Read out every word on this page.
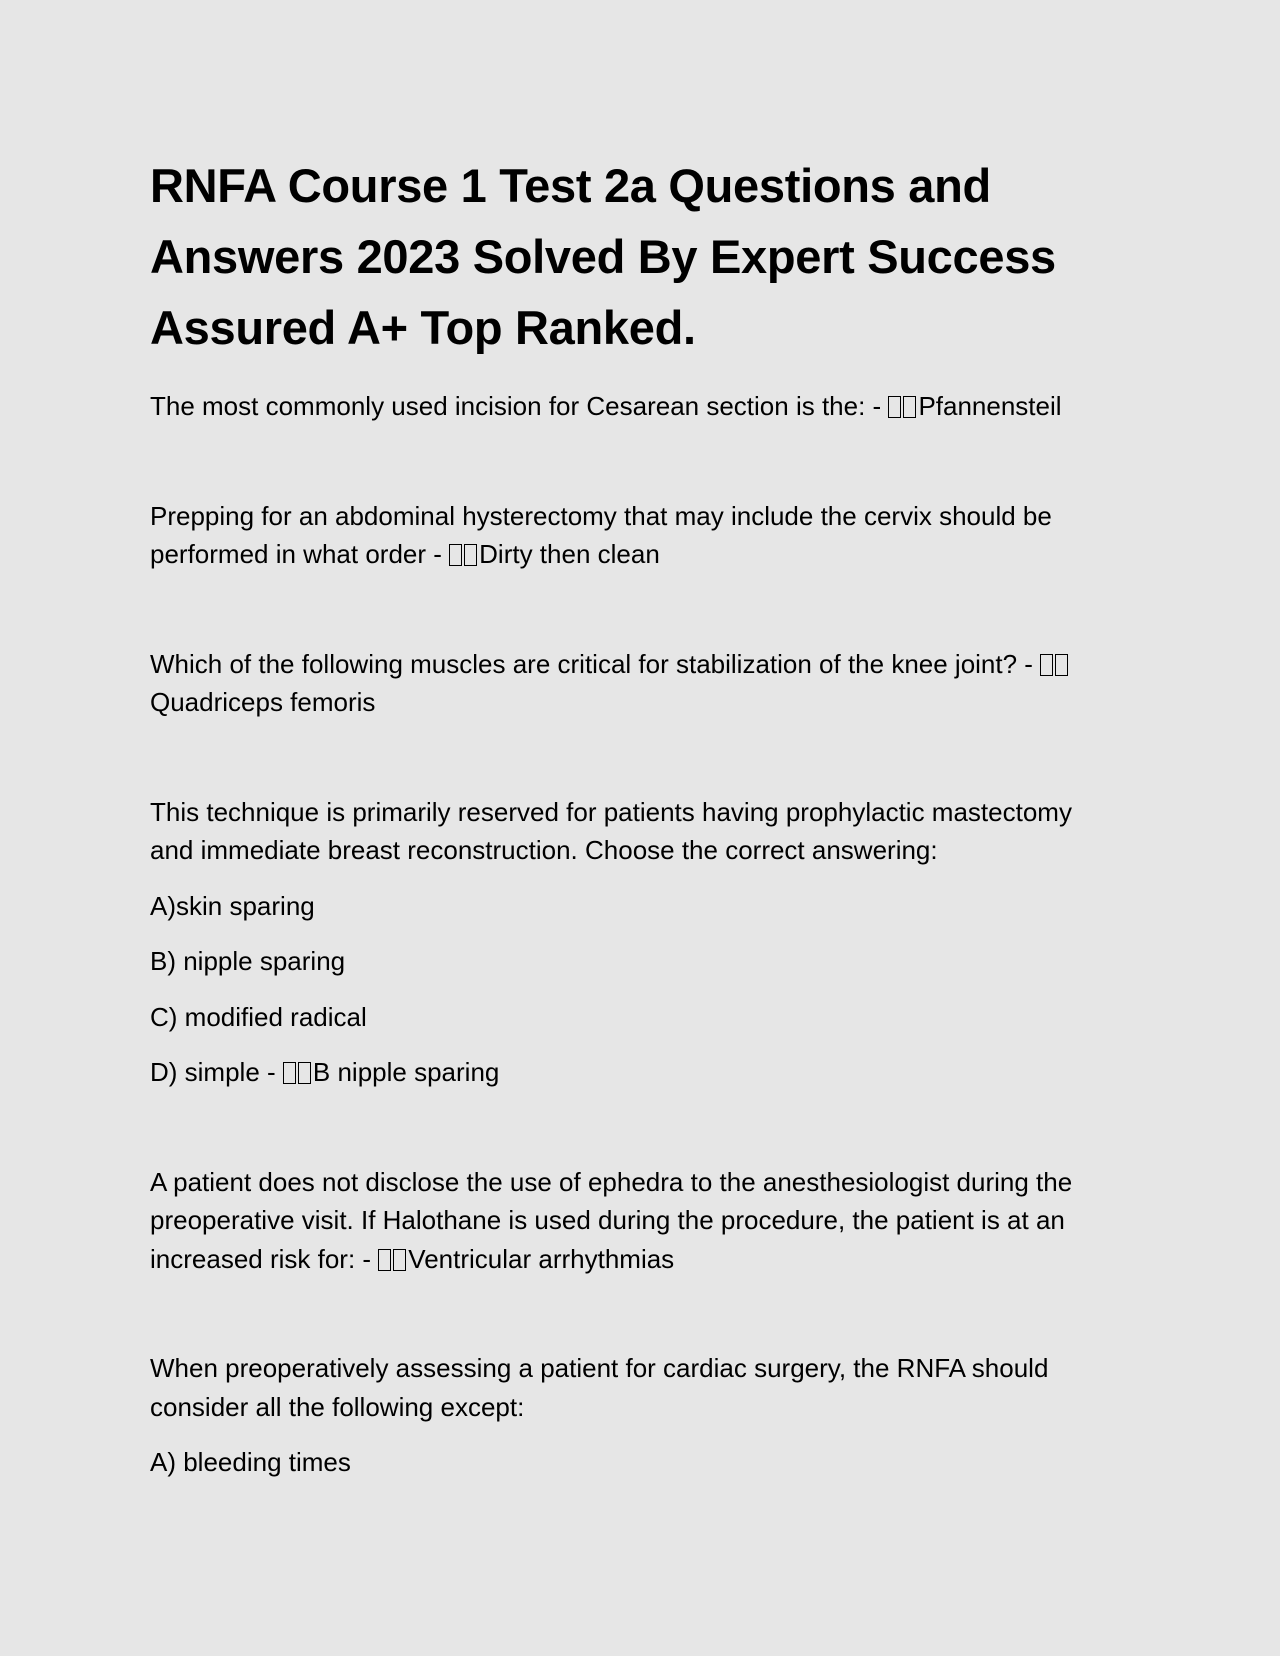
RNFA Course 1 Test 2a Questions and Answers 2023 Solved By Expert Success Assured A+ Top Ranked.

The most commonly used incision for Cesarean section is the: - Pfannensteil

Prepping for an abdominal hysterectomy that may include the cervix should be performed in what order - Dirty then clean

Which of the following muscles are critical for stabilization of the knee joint? - Quadriceps femoris

This technique is primarily reserved for patients having prophylactic mastectomy and immediate breast reconstruction. Choose the correct answering:

A)skin sparing

B) nipple sparing

C) modified radical

D) simple - B nipple sparing

A patient does not disclose the use of ephedra to the anesthesiologist during the preoperative visit. If Halothane is used during the procedure, the patient is at an increased risk for: - Ventricular arrhythmias

When preoperatively assessing a patient for cardiac surgery, the RNFA should consider all the following except:

A) bleeding times
